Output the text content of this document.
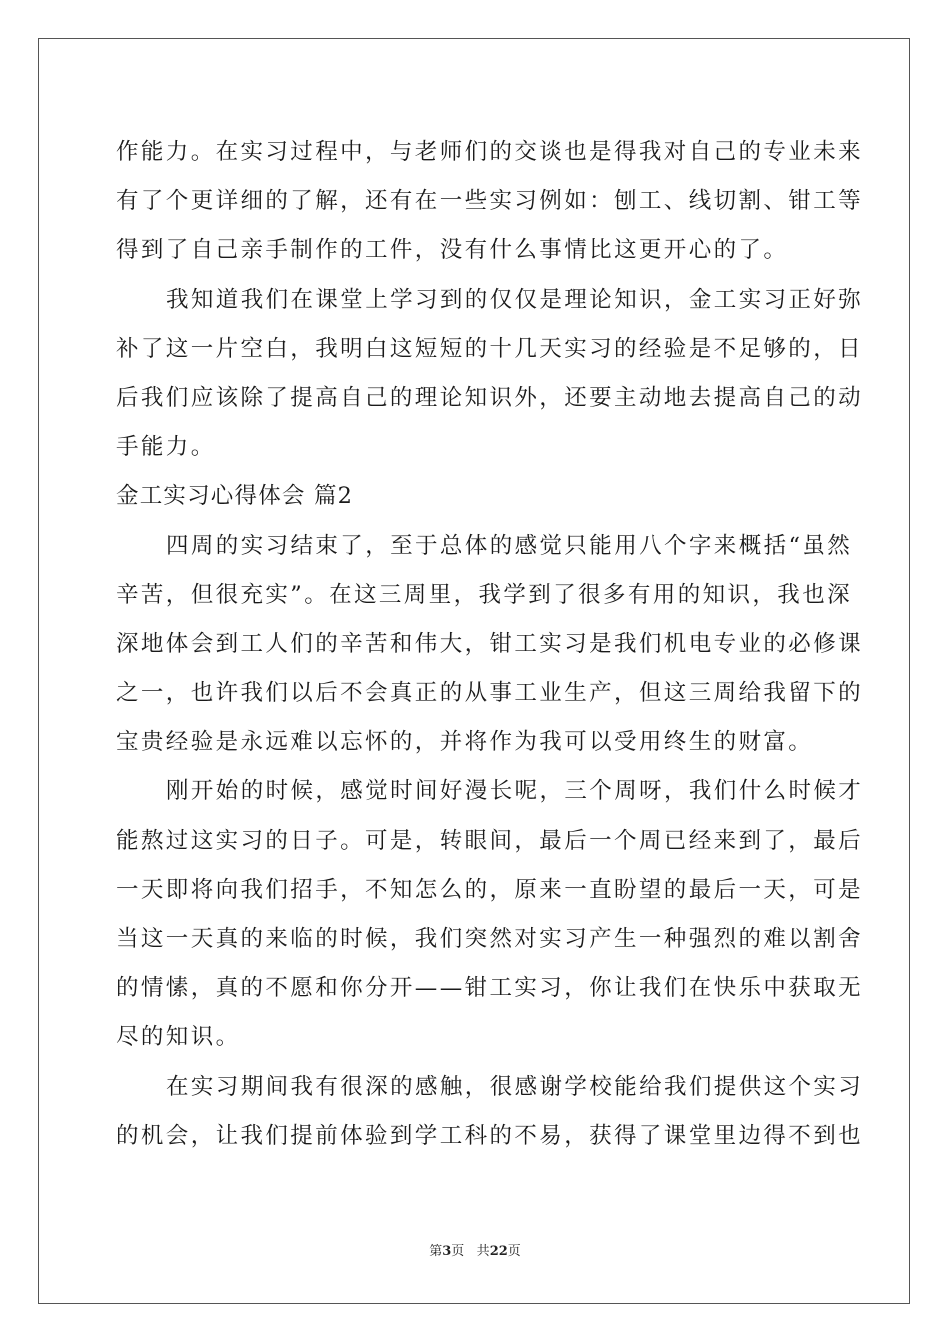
作能力。在实习过程中，与老师们的交谈也是得我对自己的专业未来
有了个更详细的了解，还有在一些实习例如：刨工、线切割、钳工等
得到了自己亲手制作的工件，没有什么事情比这更开心的了。
我知道我们在课堂上学习到的仅仅是理论知识，金工实习正好弥
补了这一片空白，我明白这短短的十几天实习的经验是不足够的，日
后我们应该除了提高自己的理论知识外，还要主动地去提高自己的动
手能力。
金工实习心得体会 篇2
四周的实习结束了，至于总体的感觉只能用八个字来概括“虽然
辛苦，但很充实”。在这三周里，我学到了很多有用的知识，我也深
深地体会到工人们的辛苦和伟大，钳工实习是我们机电专业的必修课
之一，也许我们以后不会真正的从事工业生产，但这三周给我留下的
宝贵经验是永远难以忘怀的，并将作为我可以受用终生的财富。
刚开始的时候，感觉时间好漫长呢，三个周呀，我们什么时候才
能熬过这实习的日子。可是，转眼间，最后一个周已经来到了，最后
一天即将向我们招手，不知怎么的，原来一直盼望的最后一天，可是
当这一天真的来临的时候，我们突然对实习产生一种强烈的难以割舍
的情愫，真的不愿和你分开——钳工实习，你让我们在快乐中获取无
尽的知识。
在实习期间我有很深的感触，很感谢学校能给我们提供这个实习
的机会，让我们提前体验到学工科的不易，获得了课堂里边得不到也
第3页 共22页
